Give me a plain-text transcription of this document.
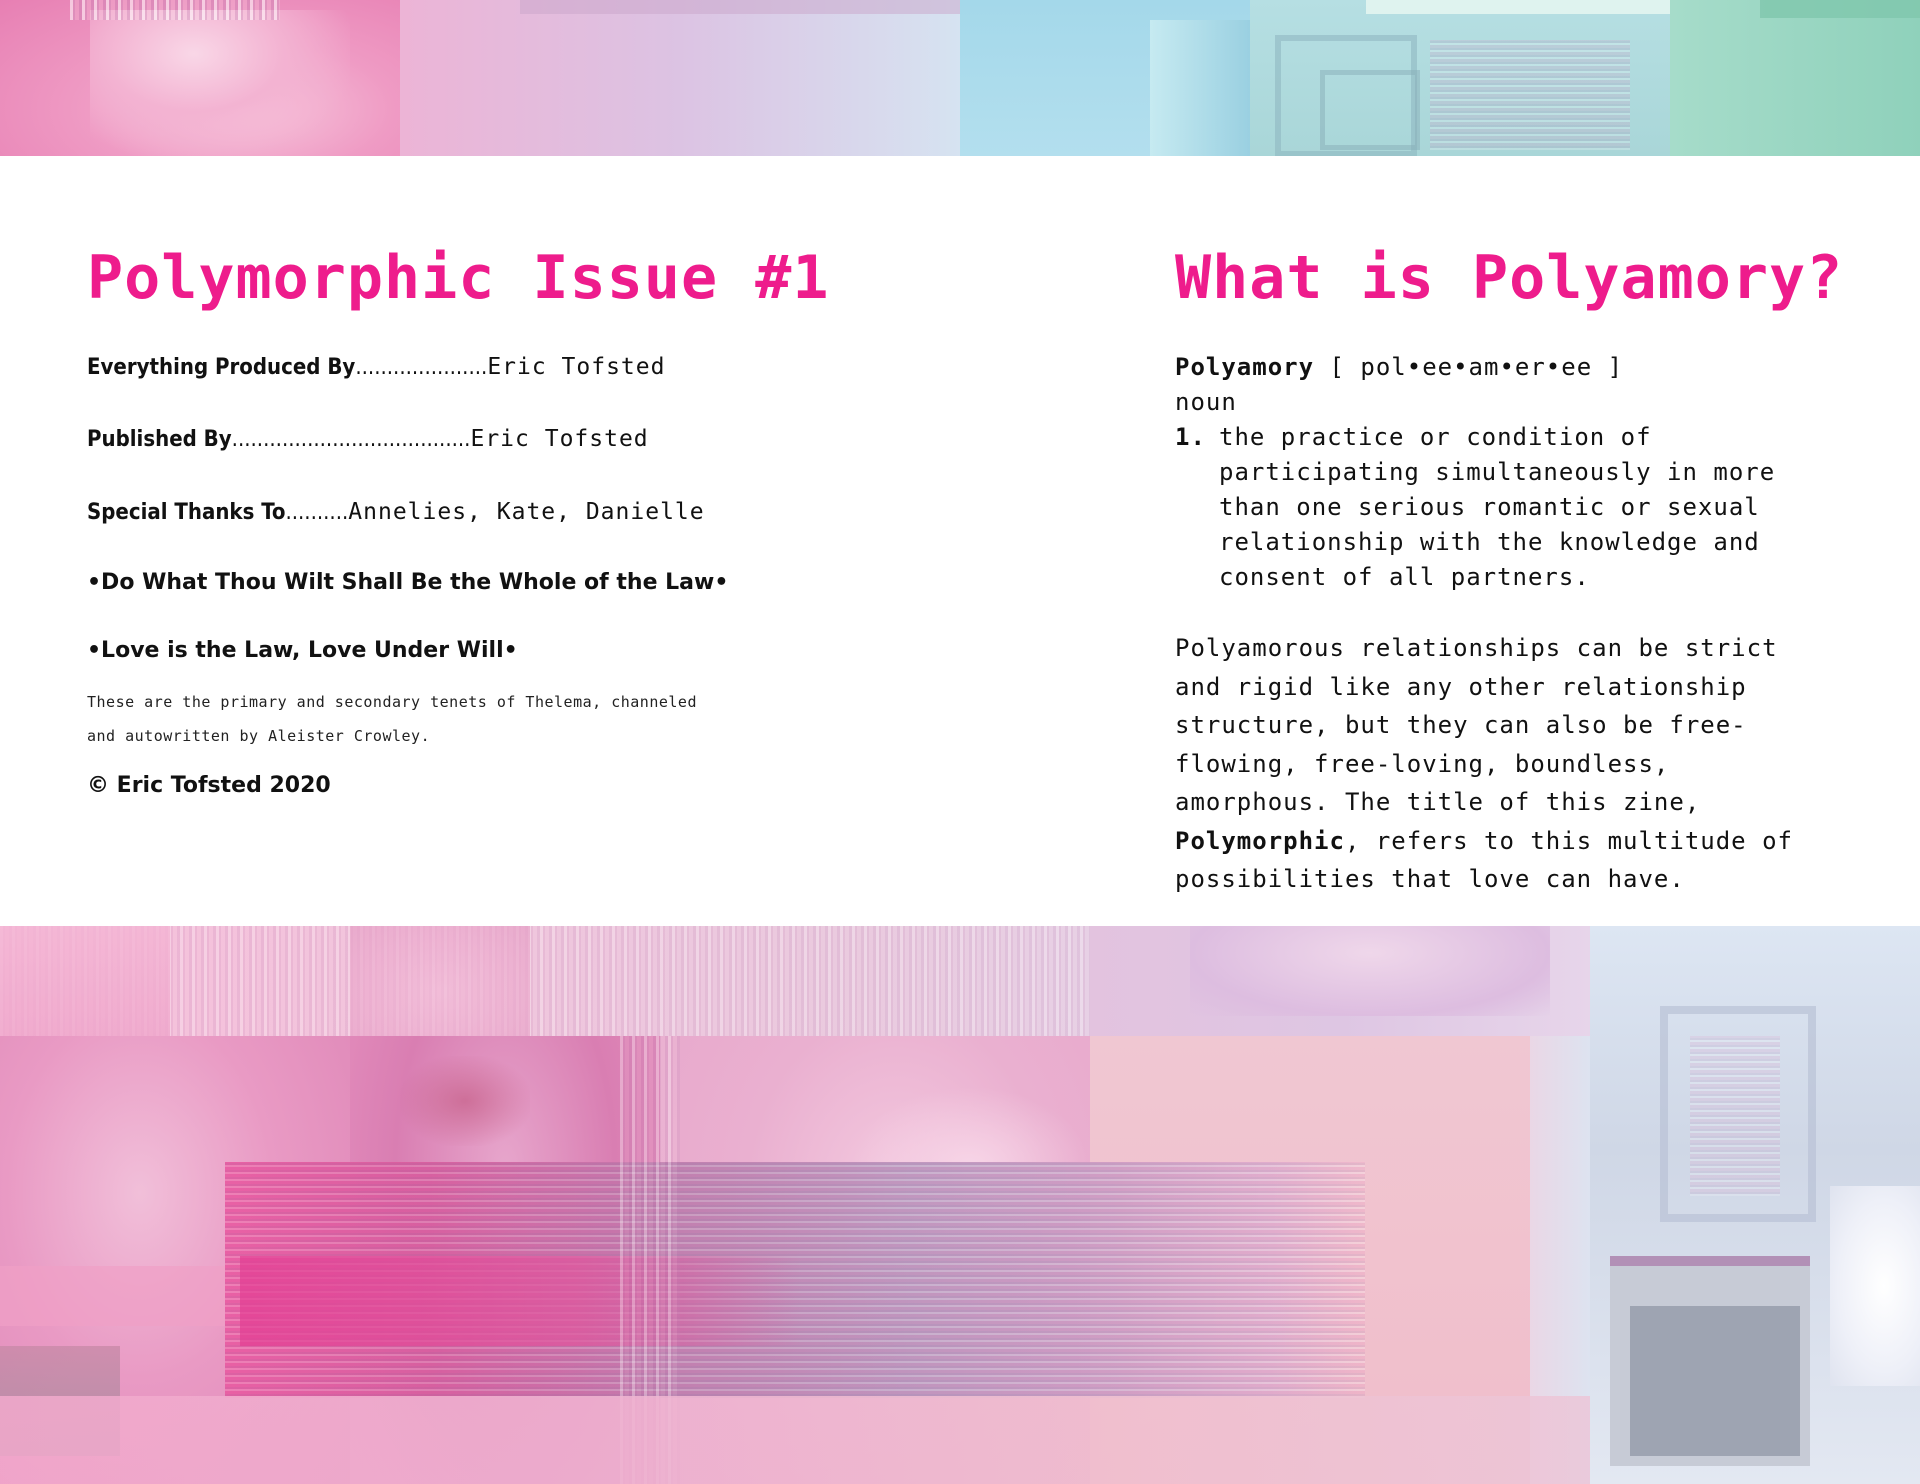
Polymorphic Issue #1
Everything Produced By.....................Eric Tofsted
Published By......................................Eric Tofsted
Special Thanks To..........Annelies, Kate, Danielle
•Do What Thou Wilt Shall Be the Whole of the Law•
•Love is the Law, Love Under Will•
These are the primary and secondary tenets of Thelema, channeled and autowritten by Aleister Crowley.
© Eric Tofsted 2020
What is Polyamory?
Polyamory [ pol•ee•am•er•ee ]
noun
1. the practice or condition of participating simultaneously in more than one serious romantic or sexual relationship with the knowledge and consent of all partners.
Polyamorous relationships can be strict and rigid like any other relationship structure, but they can also be free-flowing, free-loving, boundless, amorphous. The title of this zine, Polymorphic, refers to this multitude of possibilities that love can have.
